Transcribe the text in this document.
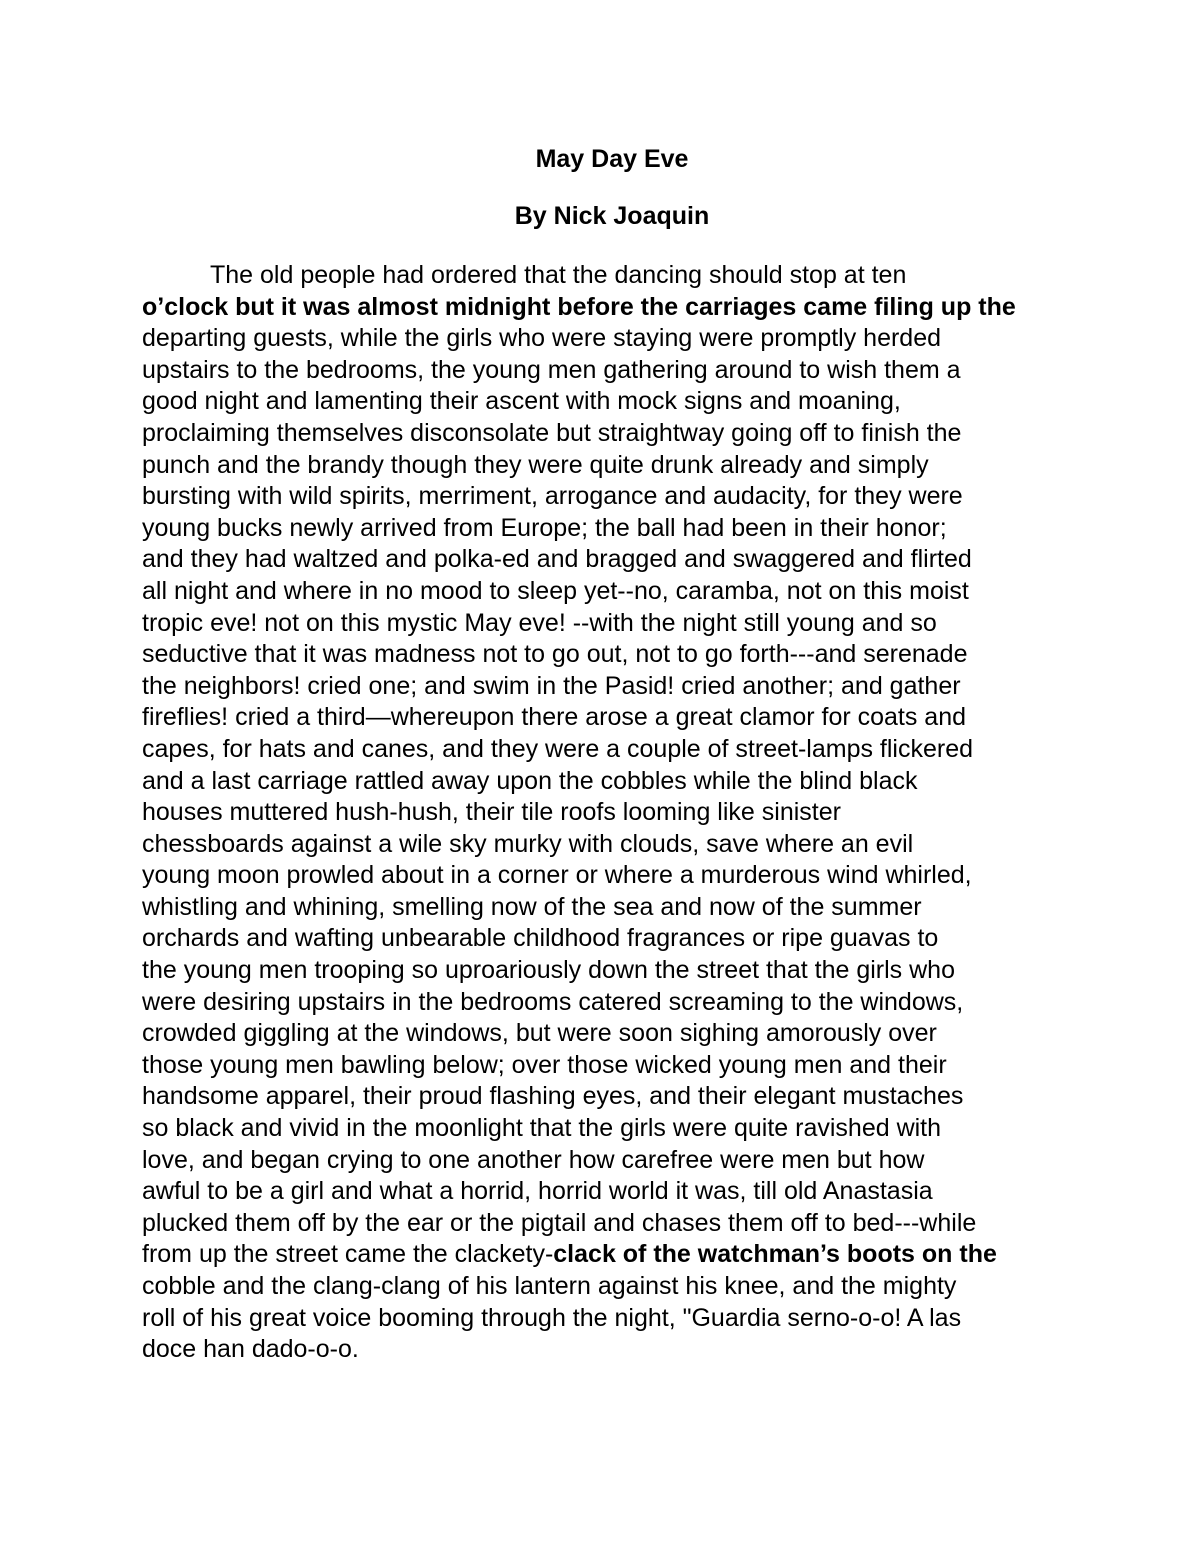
May Day Eve
By Nick Joaquin
The old people had ordered that the dancing should stop at ten
o’clock but it was almost midnight before the carriages came filing up the
departing guests, while the girls who were staying were promptly herded
upstairs to the bedrooms, the young men gathering around to wish them a
good night and lamenting their ascent with mock signs and moaning,
proclaiming themselves disconsolate but straightway going off to finish the
punch and the brandy though they were quite drunk already and simply
bursting with wild spirits, merriment, arrogance and audacity, for they were
young bucks newly arrived from Europe; the ball had been in their honor;
and they had waltzed and polka-ed and bragged and swaggered and flirted
all night and where in no mood to sleep yet--no, caramba, not on this moist
tropic eve! not on this mystic May eve! --with the night still young and so
seductive that it was madness not to go out, not to go forth---and serenade
the neighbors! cried one; and swim in the Pasid! cried another; and gather
fireflies! cried a third—whereupon there arose a great clamor for coats and
capes, for hats and canes, and they were a couple of street-lamps flickered
and a last carriage rattled away upon the cobbles while the blind black
houses muttered hush-hush, their tile roofs looming like sinister
chessboards against a wile sky murky with clouds, save where an evil
young moon prowled about in a corner or where a murderous wind whirled,
whistling and whining, smelling now of the sea and now of the summer
orchards and wafting unbearable childhood fragrances or ripe guavas to
the young men trooping so uproariously down the street that the girls who
were desiring upstairs in the bedrooms catered screaming to the windows,
crowded giggling at the windows, but were soon sighing amorously over
those young men bawling below; over those wicked young men and their
handsome apparel, their proud flashing eyes, and their elegant mustaches
so black and vivid in the moonlight that the girls were quite ravished with
love, and began crying to one another how carefree were men but how
awful to be a girl and what a horrid, horrid world it was, till old Anastasia
plucked them off by the ear or the pigtail and chases them off to bed---while
from up the street came the clackety-clack of the watchman’s boots on the
cobble and the clang-clang of his lantern against his knee, and the mighty
roll of his great voice booming through the night, "Guardia serno-o-o! A las
doce han dado-o-o.
